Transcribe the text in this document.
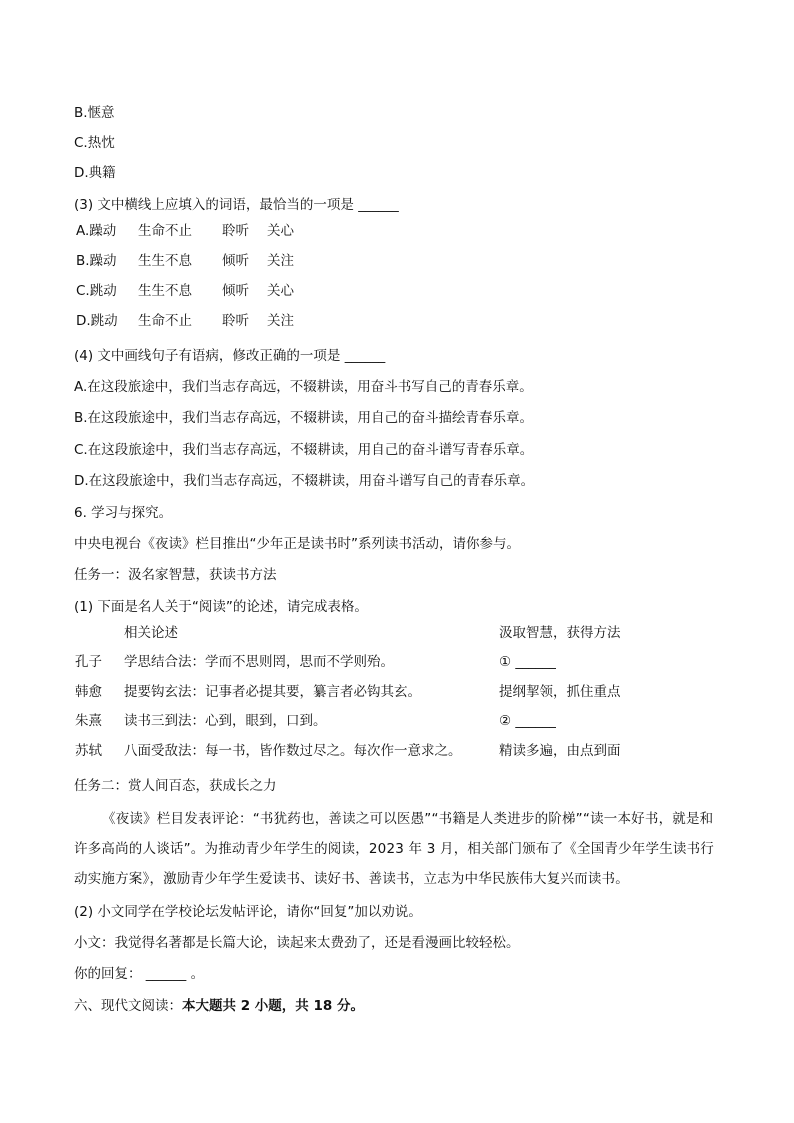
B.惬意
C.热忱
D.典籍
(3) 文中横线上应填入的词语，最恰当的一项是 ______
A.躁动 生命不止 聆听 关心
B.躁动 生生不息 倾听 关注
C.跳动 生生不息 倾听 关心
D.跳动 生命不止 聆听 关注
(4) 文中画线句子有语病，修改正确的一项是 ______
A.在这段旅途中，我们当志存高远，不辍耕读，用奋斗书写自己的青春乐章。
B.在这段旅途中，我们当志存高远，不辍耕读，用自己的奋斗描绘青春乐章。
C.在这段旅途中，我们当志存高远，不辍耕读，用自己的奋斗谱写青春乐章。
D.在这段旅途中，我们当志存高远，不辍耕读，用奋斗谱写自己的青春乐章。
6. 学习与探究。
中央电视台《夜读》栏目推出“少年正是读书时”系列读书活动，请你参与。
任务一：汲名家智慧，获读书方法
(1) 下面是名人关于“阅读”的论述，请完成表格。
相关论述	汲取智慧，获得方法
孔子 学思结合法：学而不思则罔，思而不学则殆。	① ______
韩愈 提要钩玄法：记事者必提其要，纂言者必钩其玄。	提纲挈领，抓住重点
朱熹 读书三到法：心到，眼到，口到。	② ______
苏轼 八面受敌法：每一书，皆作数过尽之。每次作一意求之。	精读多遍，由点到面
任务二：赏人间百态，获成长之力
《夜读》栏目发表评论：“书犹药也，善读之可以医愚”“书籍是人类进步的阶梯”“读一本好书，就是和许多高尚的人谈话”。为推动青少年学生的阅读，2023 年 3 月，相关部门颁布了《全国青少年学生读书行动实施方案》，激励青少年学生爱读书、读好书、善读书，立志为中华民族伟大复兴而读书。
(2) 小文同学在学校论坛发帖评论，请你“回复”加以劝说。
小文：我觉得名著都是长篇大论，读起来太费劲了，还是看漫画比较轻松。
你的回复： ______ 。
六、现代文阅读：本大题共 2 小题，共 18 分。
